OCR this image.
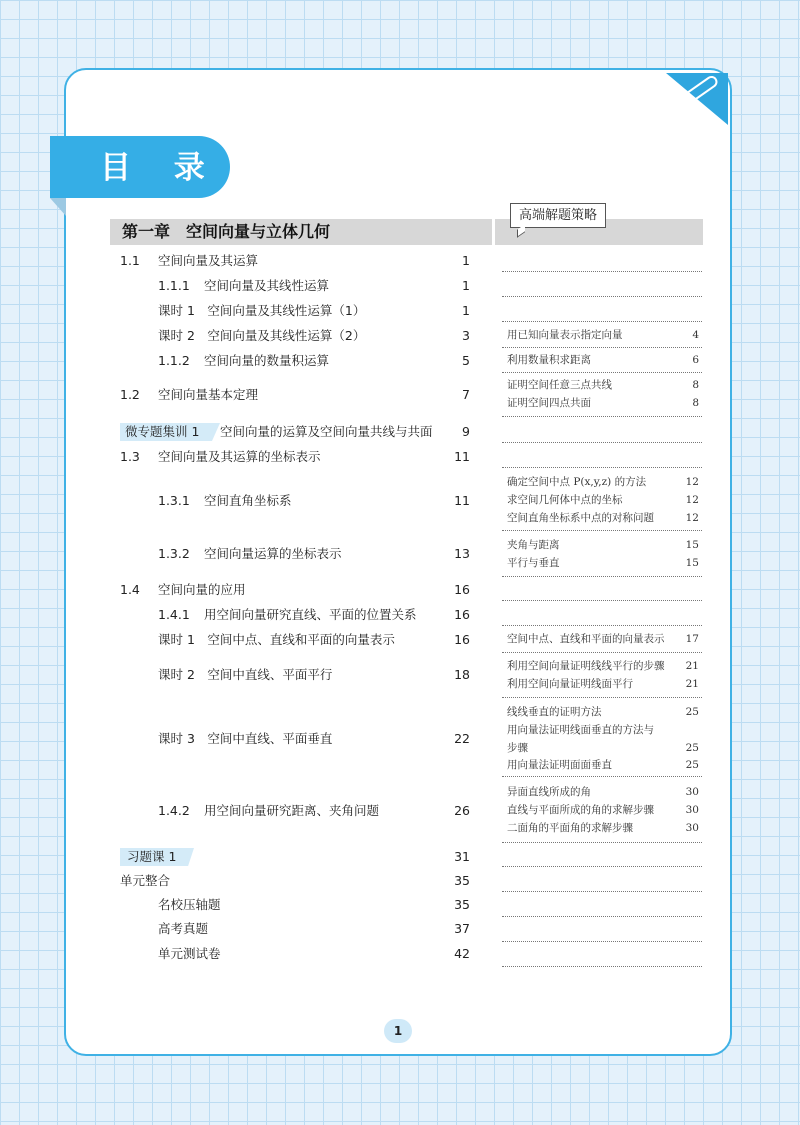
目 录
第一章　空间向量与立体几何
高端解题策略
1.1 空间向量及其运算	1
1.1.1 空间向量及其线性运算	1
课时 1　空间向量及其线性运算（1）	1
课时 2　空间向量及其线性运算（2）	3
1.1.2 空间向量的数量积运算	5
1.2 空间向量基本定理	7
微专题集训 1 空间向量的运算及空间向量共线与共面 9
1.3 空间向量及其运算的坐标表示	11
1.3.1 空间直角坐标系	11
1.3.2 空间向量运算的坐标表示	13
1.4 空间向量的应用	16
1.4.1 用空间向量研究直线、平面的位置关系	16
课时 1　空间中点、直线和平面的向量表示	16
课时 2　空间中直线、平面平行	18
课时 3　空间中直线、平面垂直	22
1.4.2 用空间向量研究距离、夹角问题	26
习题课 1	31
单元整合	35
名校压轴题	35
高考真题	37
单元测试卷	42
用已知向量表示指定向量	4
利用数量积求距离	6
证明空间任意三点共线	8
证明空间四点共面	8
确定空间中点 P(x,y,z) 的方法	12
求空间几何体中点的坐标	12
空间直角坐标系中点的对称问题	12
夹角与距离	15
平行与垂直	15
空间中点、直线和平面的向量表示 17
利用空间向量证明线线平行的步骤 21
利用空间向量证明线面平行	21
线线垂直的证明方法	25
用向量法证明线面垂直的方法与
步骤	25
用向量法证明面面垂直	25
异面直线所成的角	30
直线与平面所成的角的求解步骤	30
二面角的平面角的求解步骤	30
1
